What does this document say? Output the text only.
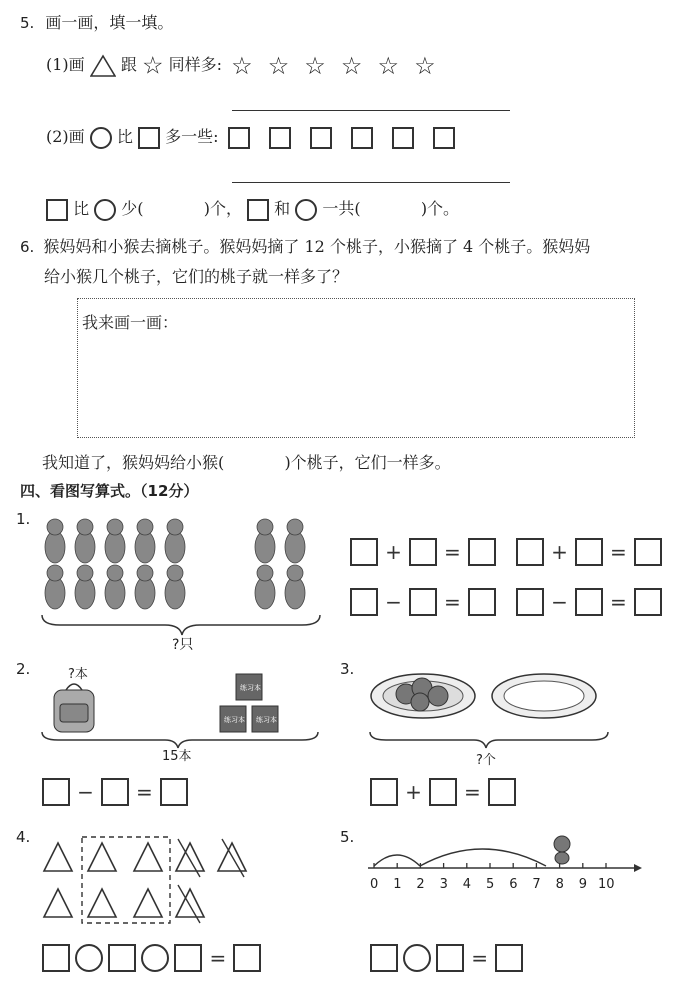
5. 画一画，填一填。
(1)画 跟 ☆ 同样多: ☆ ☆ ☆ ☆ ☆ ☆
(2)画 比 多一些:
比 少(	)个， 和 一共(	)个。
6. 猴妈妈和小猴去摘桃子。猴妈妈摘了 12 个桃子，小猴摘了 4 个桃子。猴妈妈
给小猴几个桃子，它们的桃子就一样多了？
我来画一画：
我知道了，猴妈妈给小猴(	)个桃子，它们一样多。
四、看图写算式。（12分）
1.
?只
+ =	+ =
− =	− =
2.	?本
练习本
练习本 练习本
15本
− =
3.
?个
+ =
4.
=
5.
0 1 2 3 4 5 6 7 8 9 10
=
